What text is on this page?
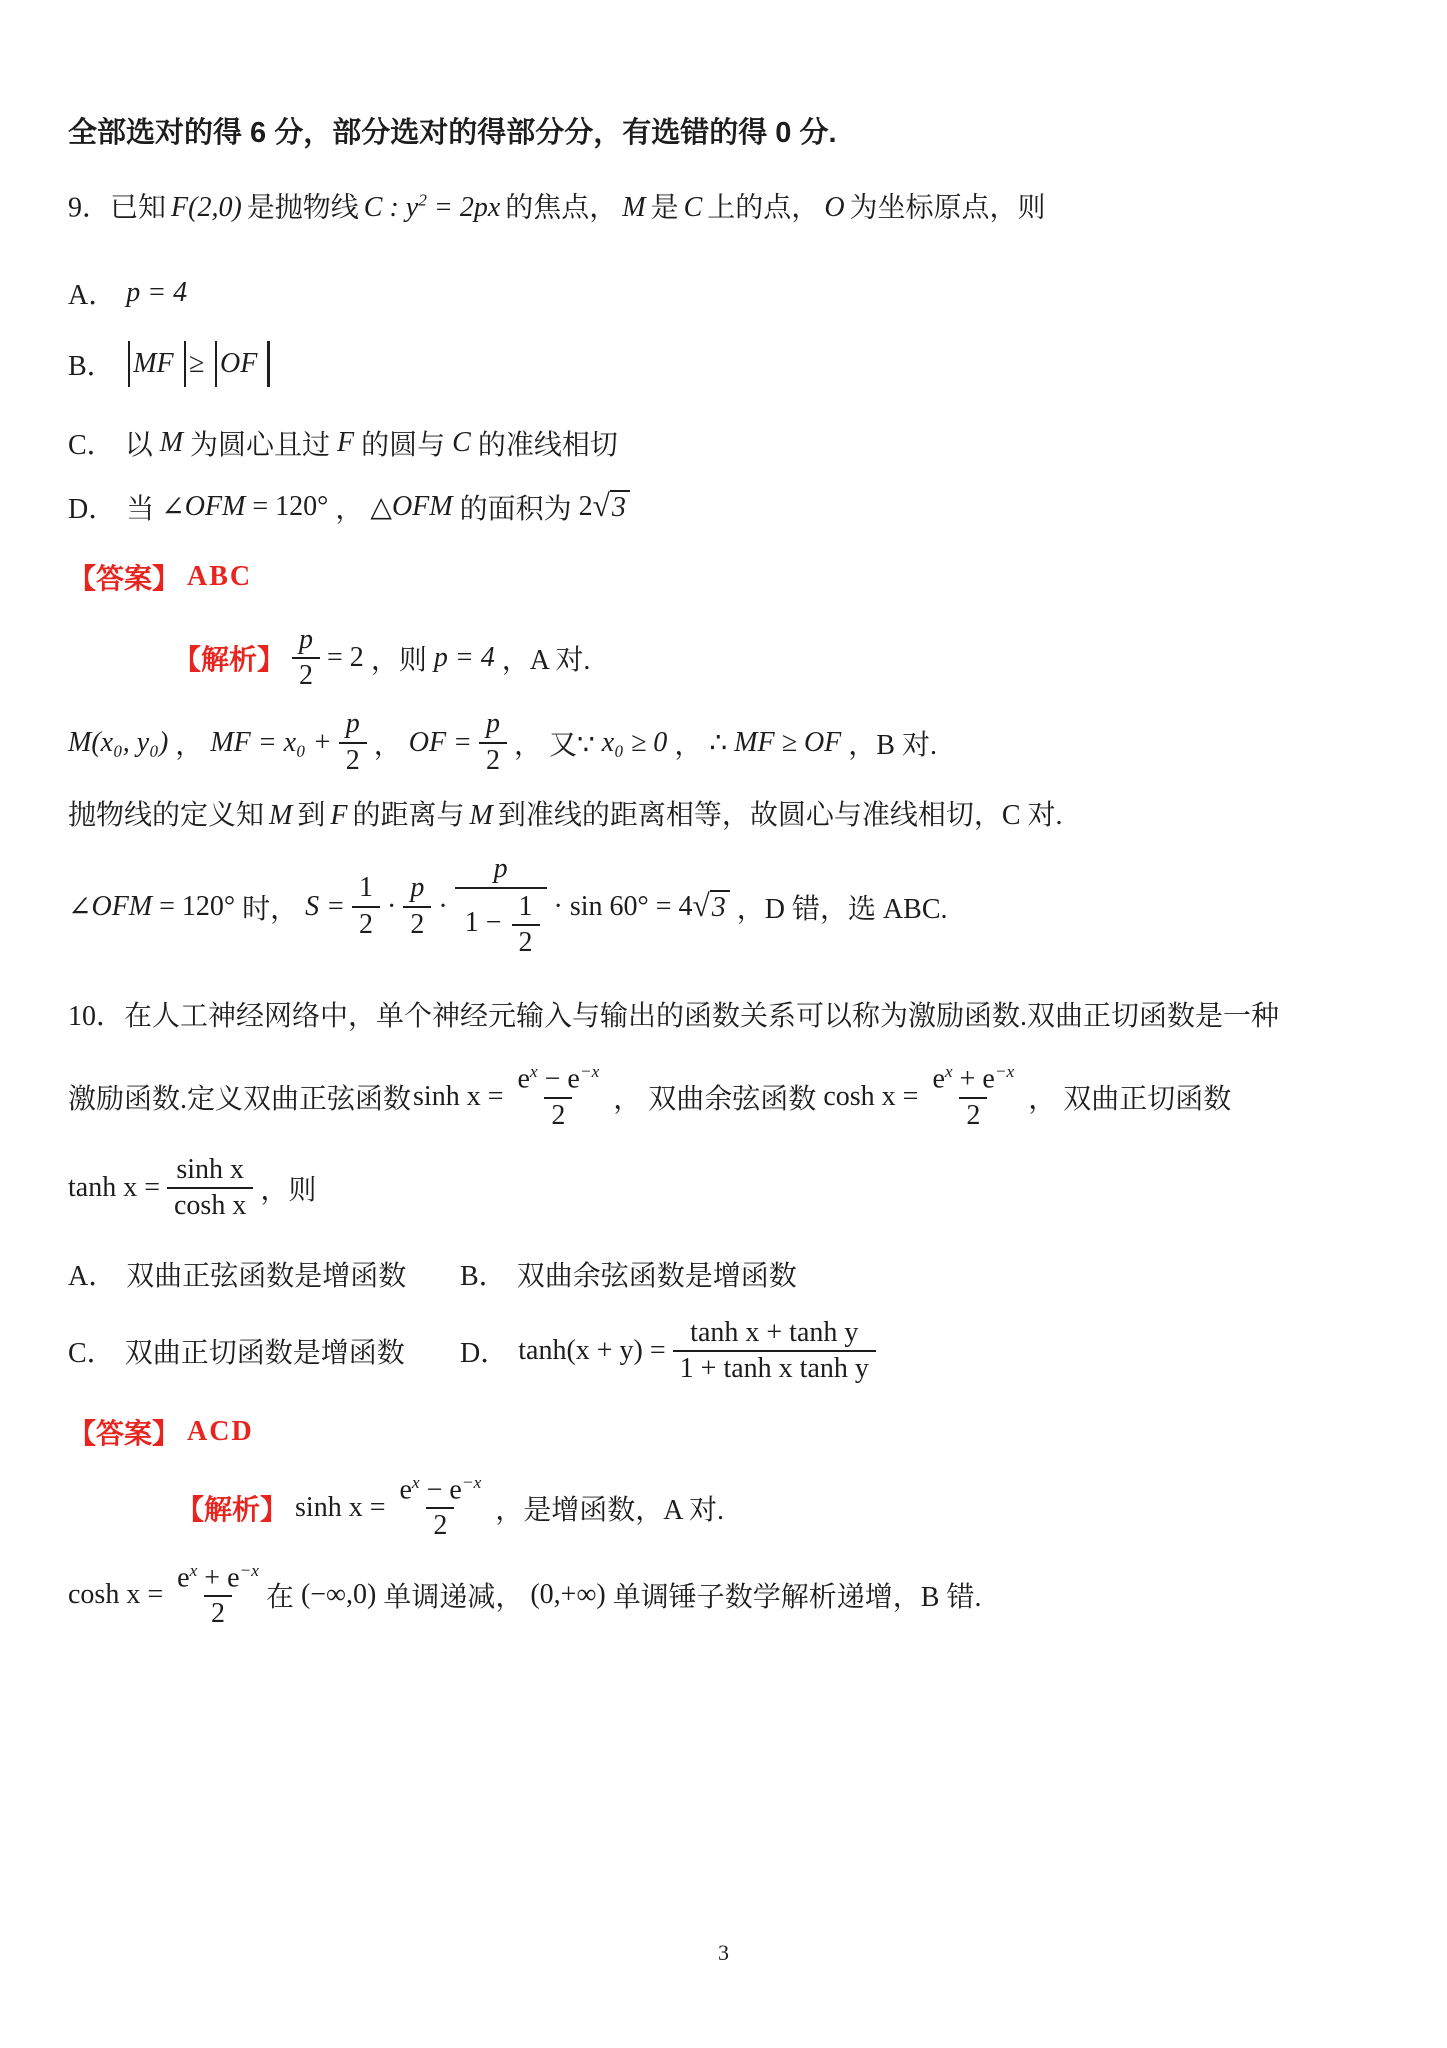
全部选对的得 6 分，部分选对的得部分分，有选错的得 0 分.
9．已知 F(2,0) 是抛物线 C : $y^2 = 2px$ 的焦点， M 是 C 上的点， O 为坐标原点，则
A． p = 4
B． MF ≥ OF
C． 以 M 为圆心且过 F 的圆与 C 的准线相切
D． 当 ∠ OFM = 120° ， △ OFM 的面积为 2 √ 3
【答案】 ABC
【解析】 $\frac{p}{2} = 2$ ，则 p = 4 ，A 对.
M(x₀, y₀) ， MF = $x_0 + \frac{p}{2}$ ， OF = $\frac{p}{2}$ ， 又∵ x₀ ≥ 0 ， ∴ MF ≥ OF ，B 对.
抛物线的定义知 M 到 F 的距离与 M 到准线的距离相等，故圆心与准线相切，C 对.
∠ OFM = 120° 时， $S = \frac{1}{2} \cdot \frac{p}{2} \cdot \frac{p}{1 - \frac{1}{2}} \cdot \sin 60^\circ = 4$ √ 3 ，D 错，选 ABC.
10．在人工神经网络中，单个神经元输入与输出的函数关系可以称为激励函数.双曲正切函数是一种
激励函数.定义双曲正弦函数 $\sinh x = \frac{e^x - e^{-x}}{2}$ ， 双曲余弦函数 $\cosh x = \frac{e^x + e^{-x}}{2}$ ， 双曲正切函数
$\tanh x = \frac{\text{sinh x}}{\text{cosh x}}$ ，则
A． 双曲正弦函数是增函数 B． 双曲余弦函数是增函数
C． 双曲正切函数是增函数 D． $\tanh(x + y) = \frac{\text{tanh x + tanh y}}{\text{1 + tanh x tanh y}}$
【答案】 ACD
【解析】 $\sinh x = \frac{e^x - e^{-x}}{2}$ ，是增函数，A 对.
$\cosh x = \frac{e^x + e^{-x}}{2}$ 在 (−∞,0) 单调递减， (0,+∞) 单调锤子数学解析递增，B 错.
3
